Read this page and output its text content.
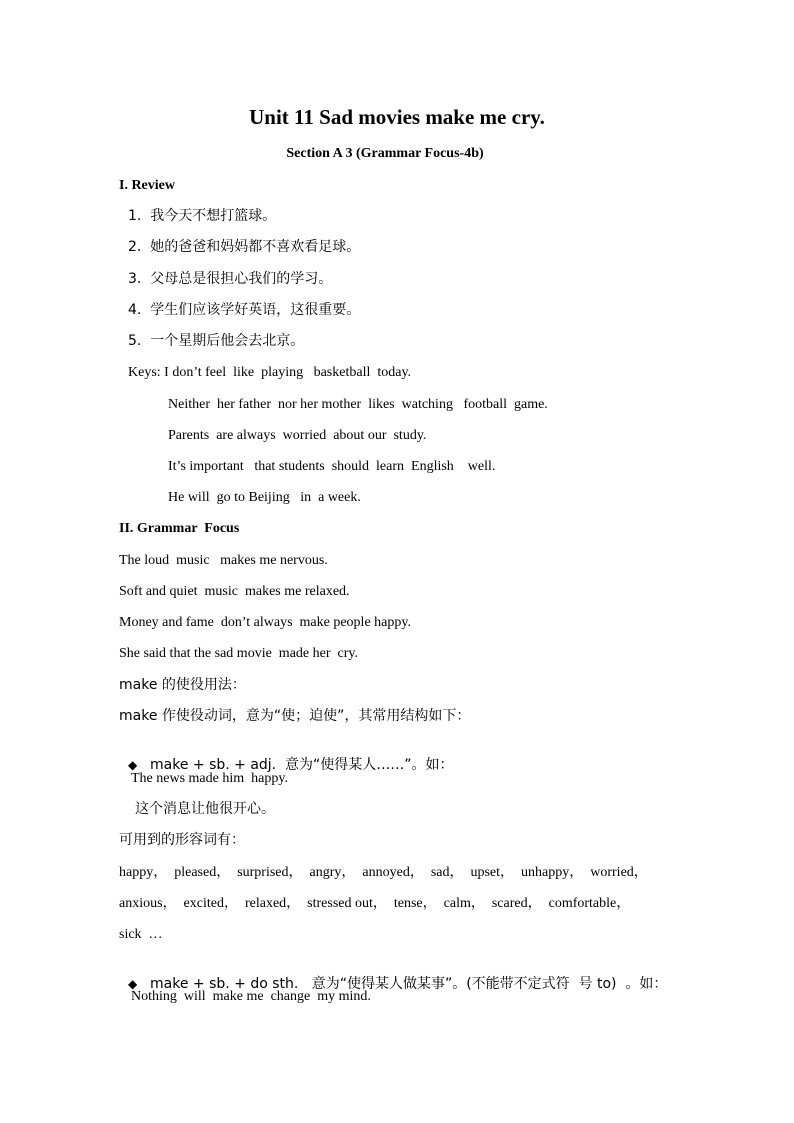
Unit 11 Sad movies make me cry.
Section A 3 (Grammar Focus-4b)
I. Review
1.  我今天不想打篮球。
2.  她的爸爸和妈妈都不喜欢看足球。
3.  父母总是很担心我们的学习。
4.  学生们应该学好英语，这很重要。
5.  一个星期后他会去北京。
Keys: I don’t feel  like  playing   basketball  today.
Neither  her father  nor her mother  likes  watching   football  game.
Parents  are always  worried  about our  study.
It’s important   that students  should  learn  English    well.
He will  go to Beijing   in  a week.
II. Grammar  Focus
The loud  music   makes me nervous.
Soft and quiet  music  makes me relaxed.
Money and fame  don’t always  make people happy.
She said that the sad movie  made her  cry.
make 的使役用法：
make 作使役动词，意为“使；迫使”，其常用结构如下：

◆ make + sb. + adj.  意为“使得某人……”。如：

The news made him  happy.
这个消息让他很开心。
可用到的形容词有：
happy，  pleased，  surprised，  angry，  annoyed，  sad，  upset，  unhappy，  worried，
anxious，  excited，  relaxed，  stressed out，  tense，  calm，  scared，  comfortable，
sick  …

◆ make + sb. + do sth.   意为“使得某人做某事”。(不能带不定式符  号 to)  。如：

Nothing  will  make me  change  my mind.
